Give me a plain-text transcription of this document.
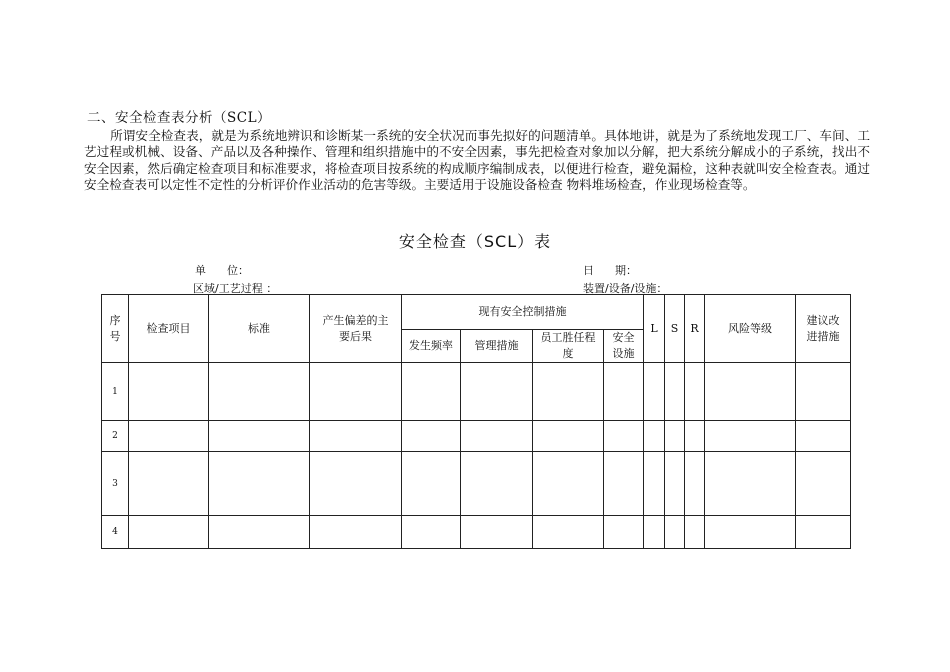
二、安全检查表分析（SCL）
所谓安全检查表，就是为系统地辨识和诊断某一系统的安全状况而事先拟好的问题清单。具体地讲，就是为了系统地发现工厂、车间、工艺过程或机械、设备、产品以及各种操作、管理和组织措施中的不安全因素，事先把检查对象加以分解，把大系统分解成小的子系统，找出不安全因素，然后确定检查项目和标准要求，将检查项目按系统的构成顺序编制成表，以便进行检查，避免漏检，这种表就叫安全检查表。通过安全检查表可以定性不定性的分析评价作业活动的危害等级。主要适用于设施设备检查 物料堆场检查，作业现场检查等。
安全检查（SCL）表
单      位：	日      期：
区域/工艺过程 ：	装置/设备/设施：
序号	检查项目	标准	产生偏差的主要后果	现有安全控制措施				L	S	R	风险等级	建议改进措施

				发生频率	管理措施	员工胜任程度	安全设施					

1												
2												
3												
4												
